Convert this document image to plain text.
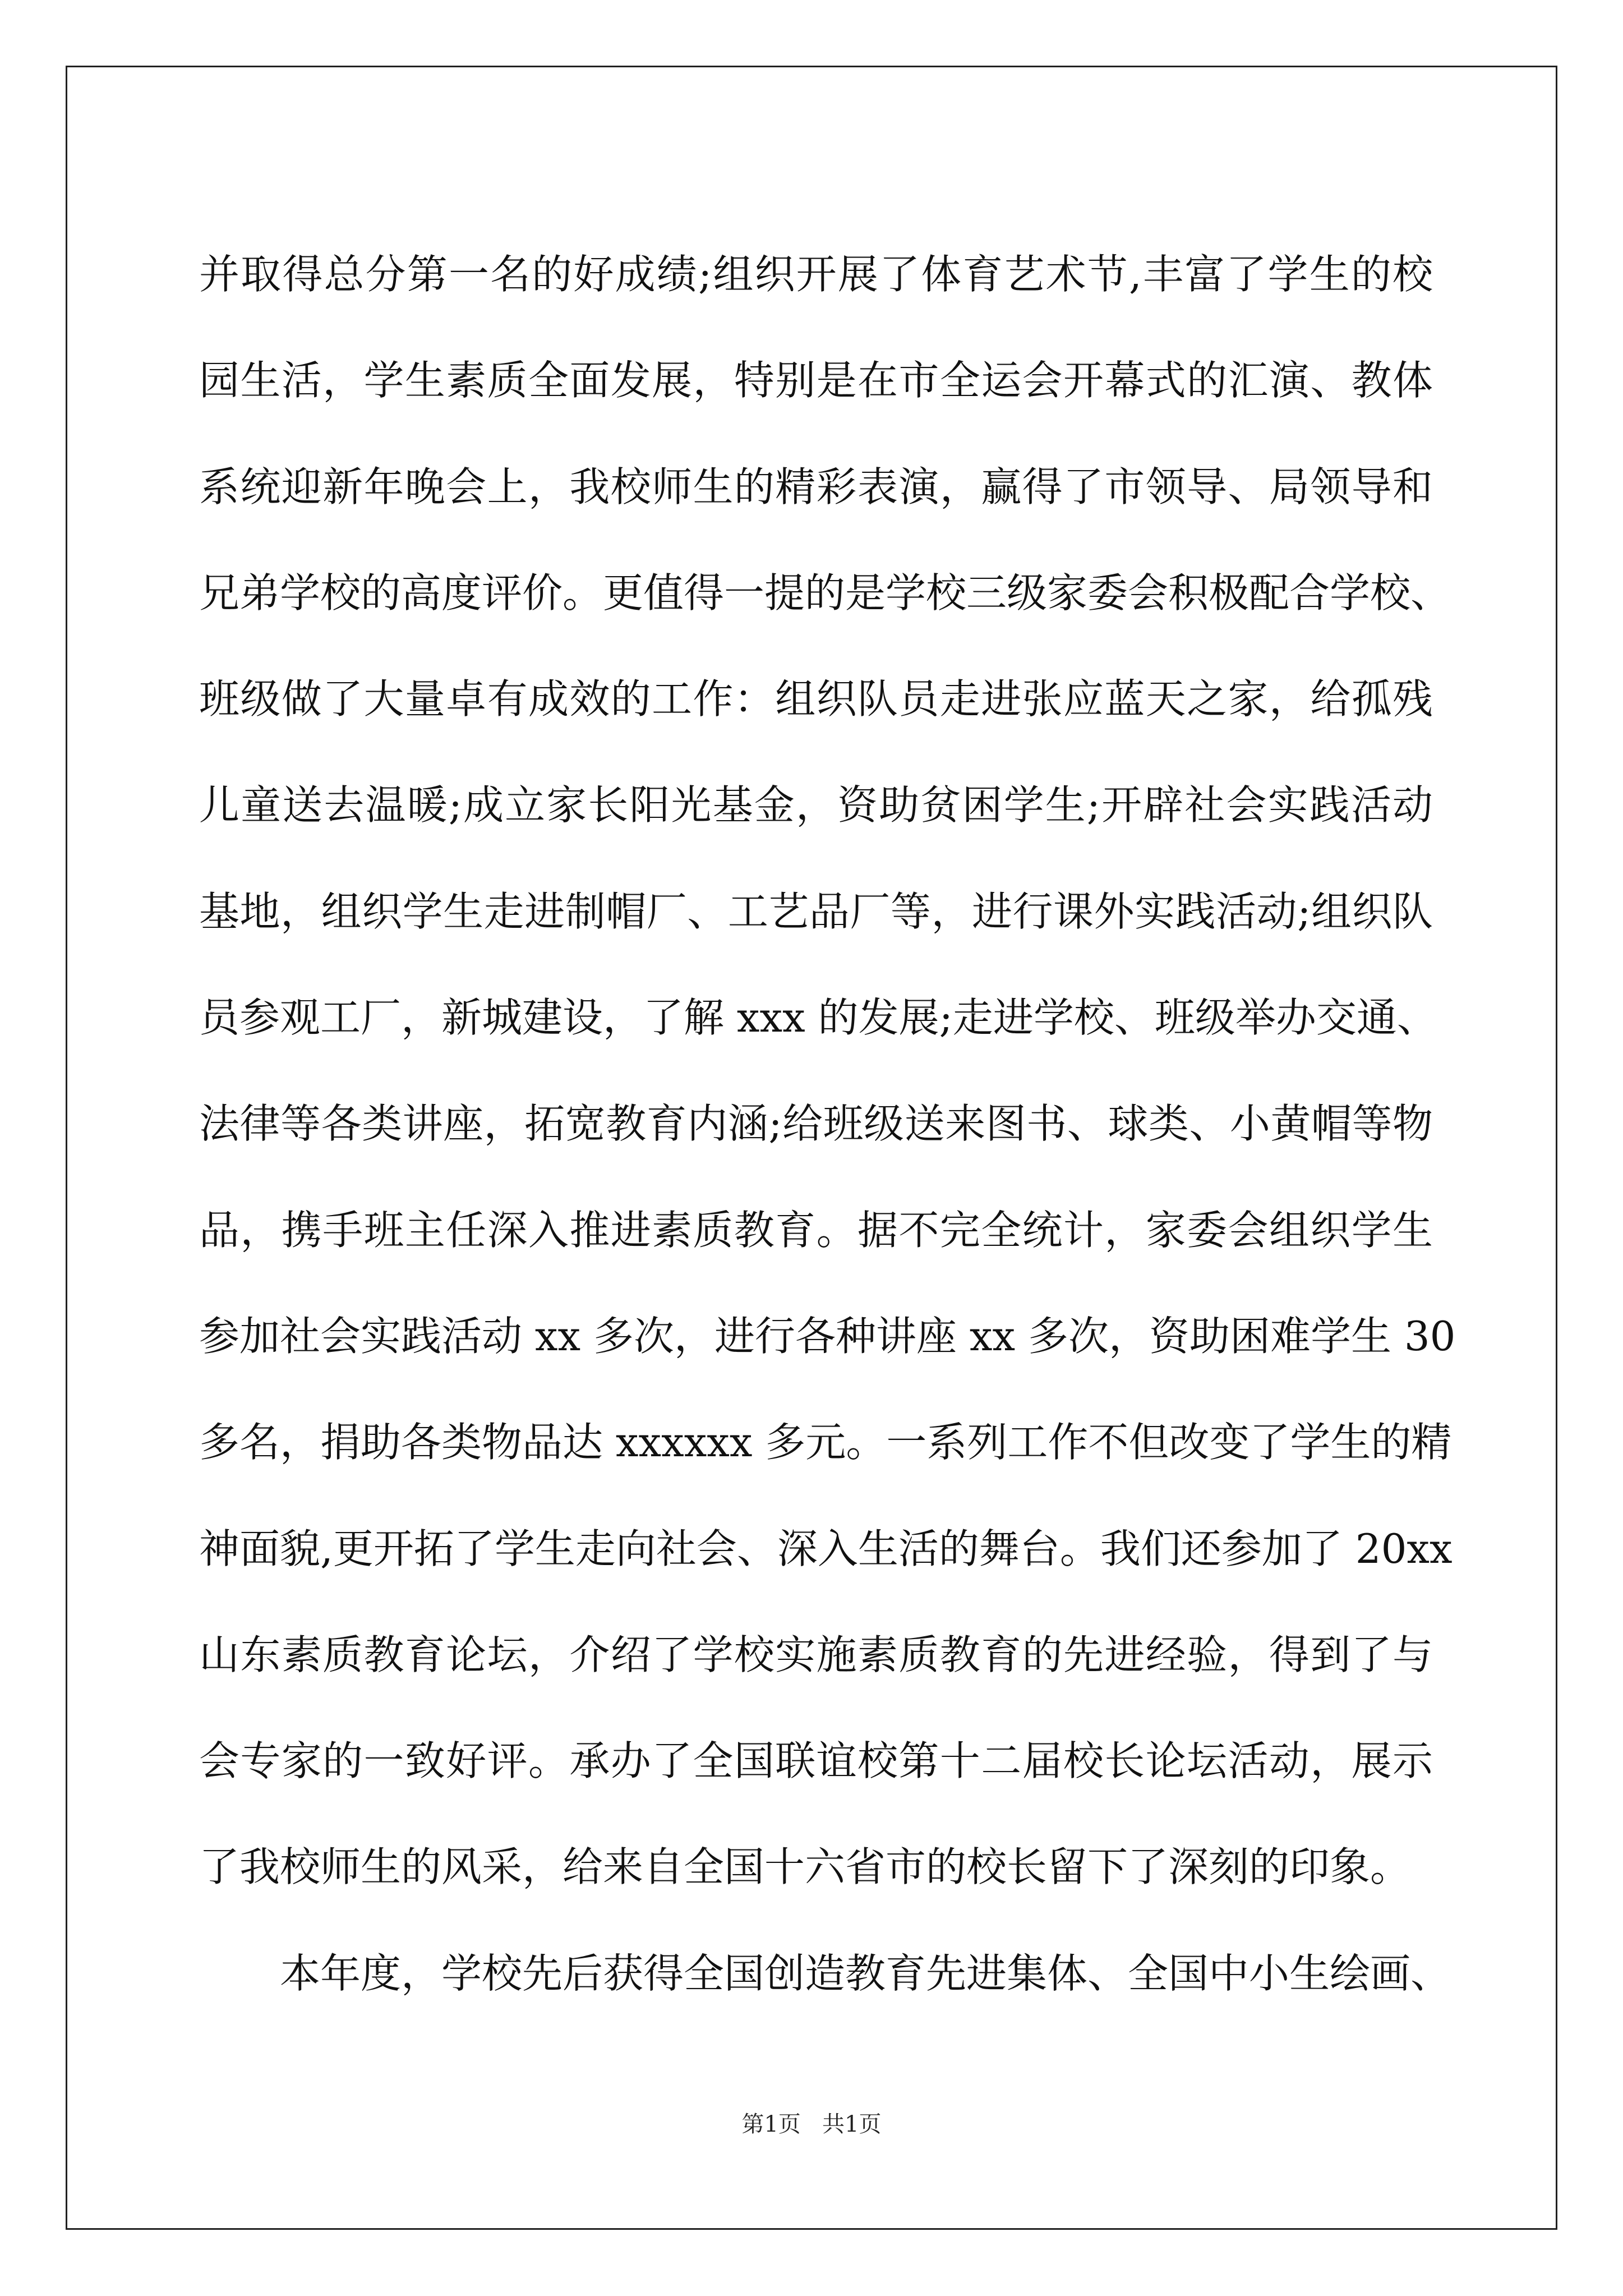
并取得总分第一名的好成绩;组织开展了体育艺术节,丰富了学生的校
园生活，学生素质全面发展，特别是在市全运会开幕式的汇演、教体
系统迎新年晚会上，我校师生的精彩表演，赢得了市领导、局领导和
兄弟学校的高度评价。更值得一提的是学校三级家委会积极配合学校、
班级做了大量卓有成效的工作：组织队员走进张应蓝天之家，给孤残
儿童送去温暖;成立家长阳光基金，资助贫困学生;开辟社会实践活动
基地，组织学生走进制帽厂、工艺品厂等，进行课外实践活动;组织队
员参观工厂，新城建设，了解 xxx 的发展;走进学校、班级举办交通、
法律等各类讲座，拓宽教育内涵;给班级送来图书、球类、小黄帽等物
品，携手班主任深入推进素质教育。据不完全统计，家委会组织学生
参加社会实践活动 xx 多次，进行各种讲座 xx 多次，资助困难学生 30
多名，捐助各类物品达 xxxxxx 多元。一系列工作不但改变了学生的精
神面貌,更开拓了学生走向社会、深入生活的舞台。我们还参加了 20xx
山东素质教育论坛，介绍了学校实施素质教育的先进经验，得到了与
会专家的一致好评。承办了全国联谊校第十二届校长论坛活动，展示
了我校师生的风采，给来自全国十六省市的校长留下了深刻的印象。
本年度，学校先后获得全国创造教育先进集体、全国中小生绘画、
第1页   共1页
